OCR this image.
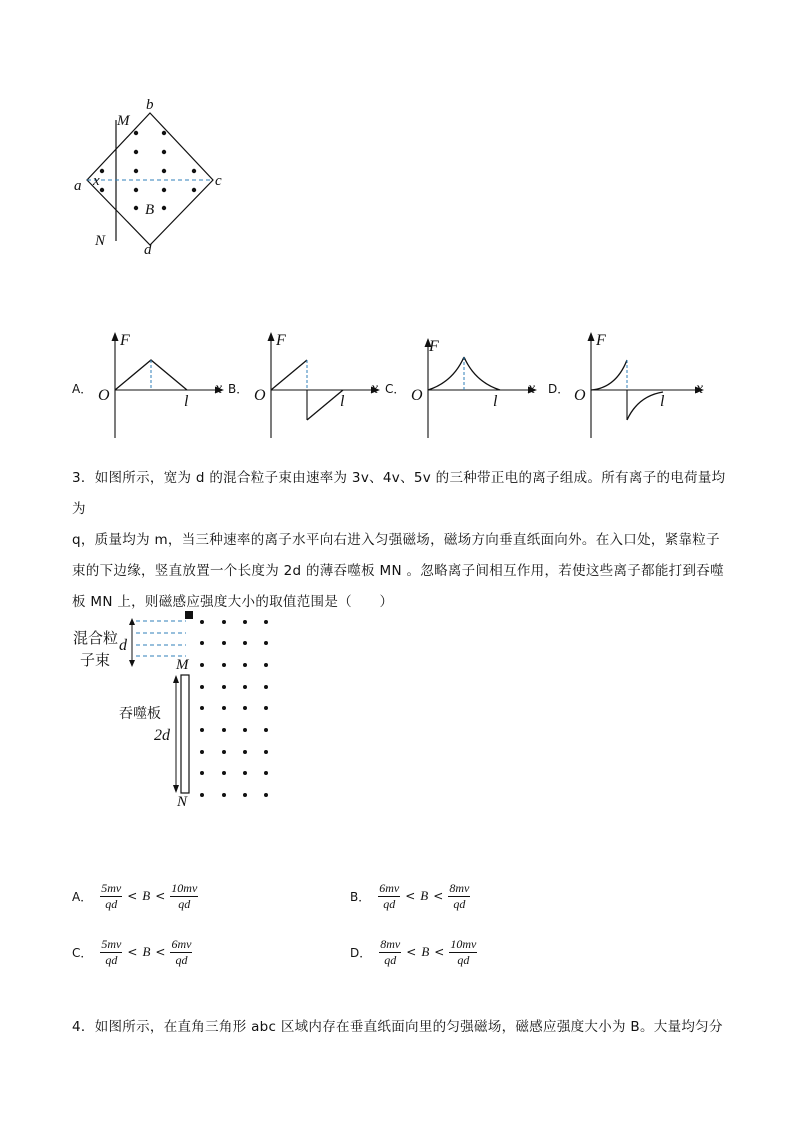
b
M
a x	c
B
N
d
A．
F
O	x
l
B．
F
O	x
l
C．
F
O	x
l
D．
F
O	x
l
3．如图所示，宽为 d 的混合粒子束由速率为 3v、4v、5v 的三种带正电的离子组成。所有离子的电荷量均为
q，质量均为 m，当三种速率的离子水平向右进入匀强磁场，磁场方向垂直纸面向外。在入口处，紧靠粒子
束的下边缘，竖直放置一个长度为 2d 的薄吞噬板 MN 。忽略离子间相互作用，若使这些离子都能打到吞噬
板 MN 上，则磁感应强度大小的取值范围是（　　）
混合粒
子束
d
M
吞噬板
2d
N
A． $\frac{5mv}{qd} < B < \frac{10mv}{qd}$	B． $\frac{6mv}{qd} < B < \frac{8mv}{qd}$
C． $\frac{5mv}{qd} < B < \frac{6mv}{qd}$	D． $\frac{8mv}{qd} < B < \frac{10mv}{qd}$
4．如图所示，在直角三角形 abc 区域内存在垂直纸面向里的匀强磁场，磁感应强度大小为 B。大量均匀分
